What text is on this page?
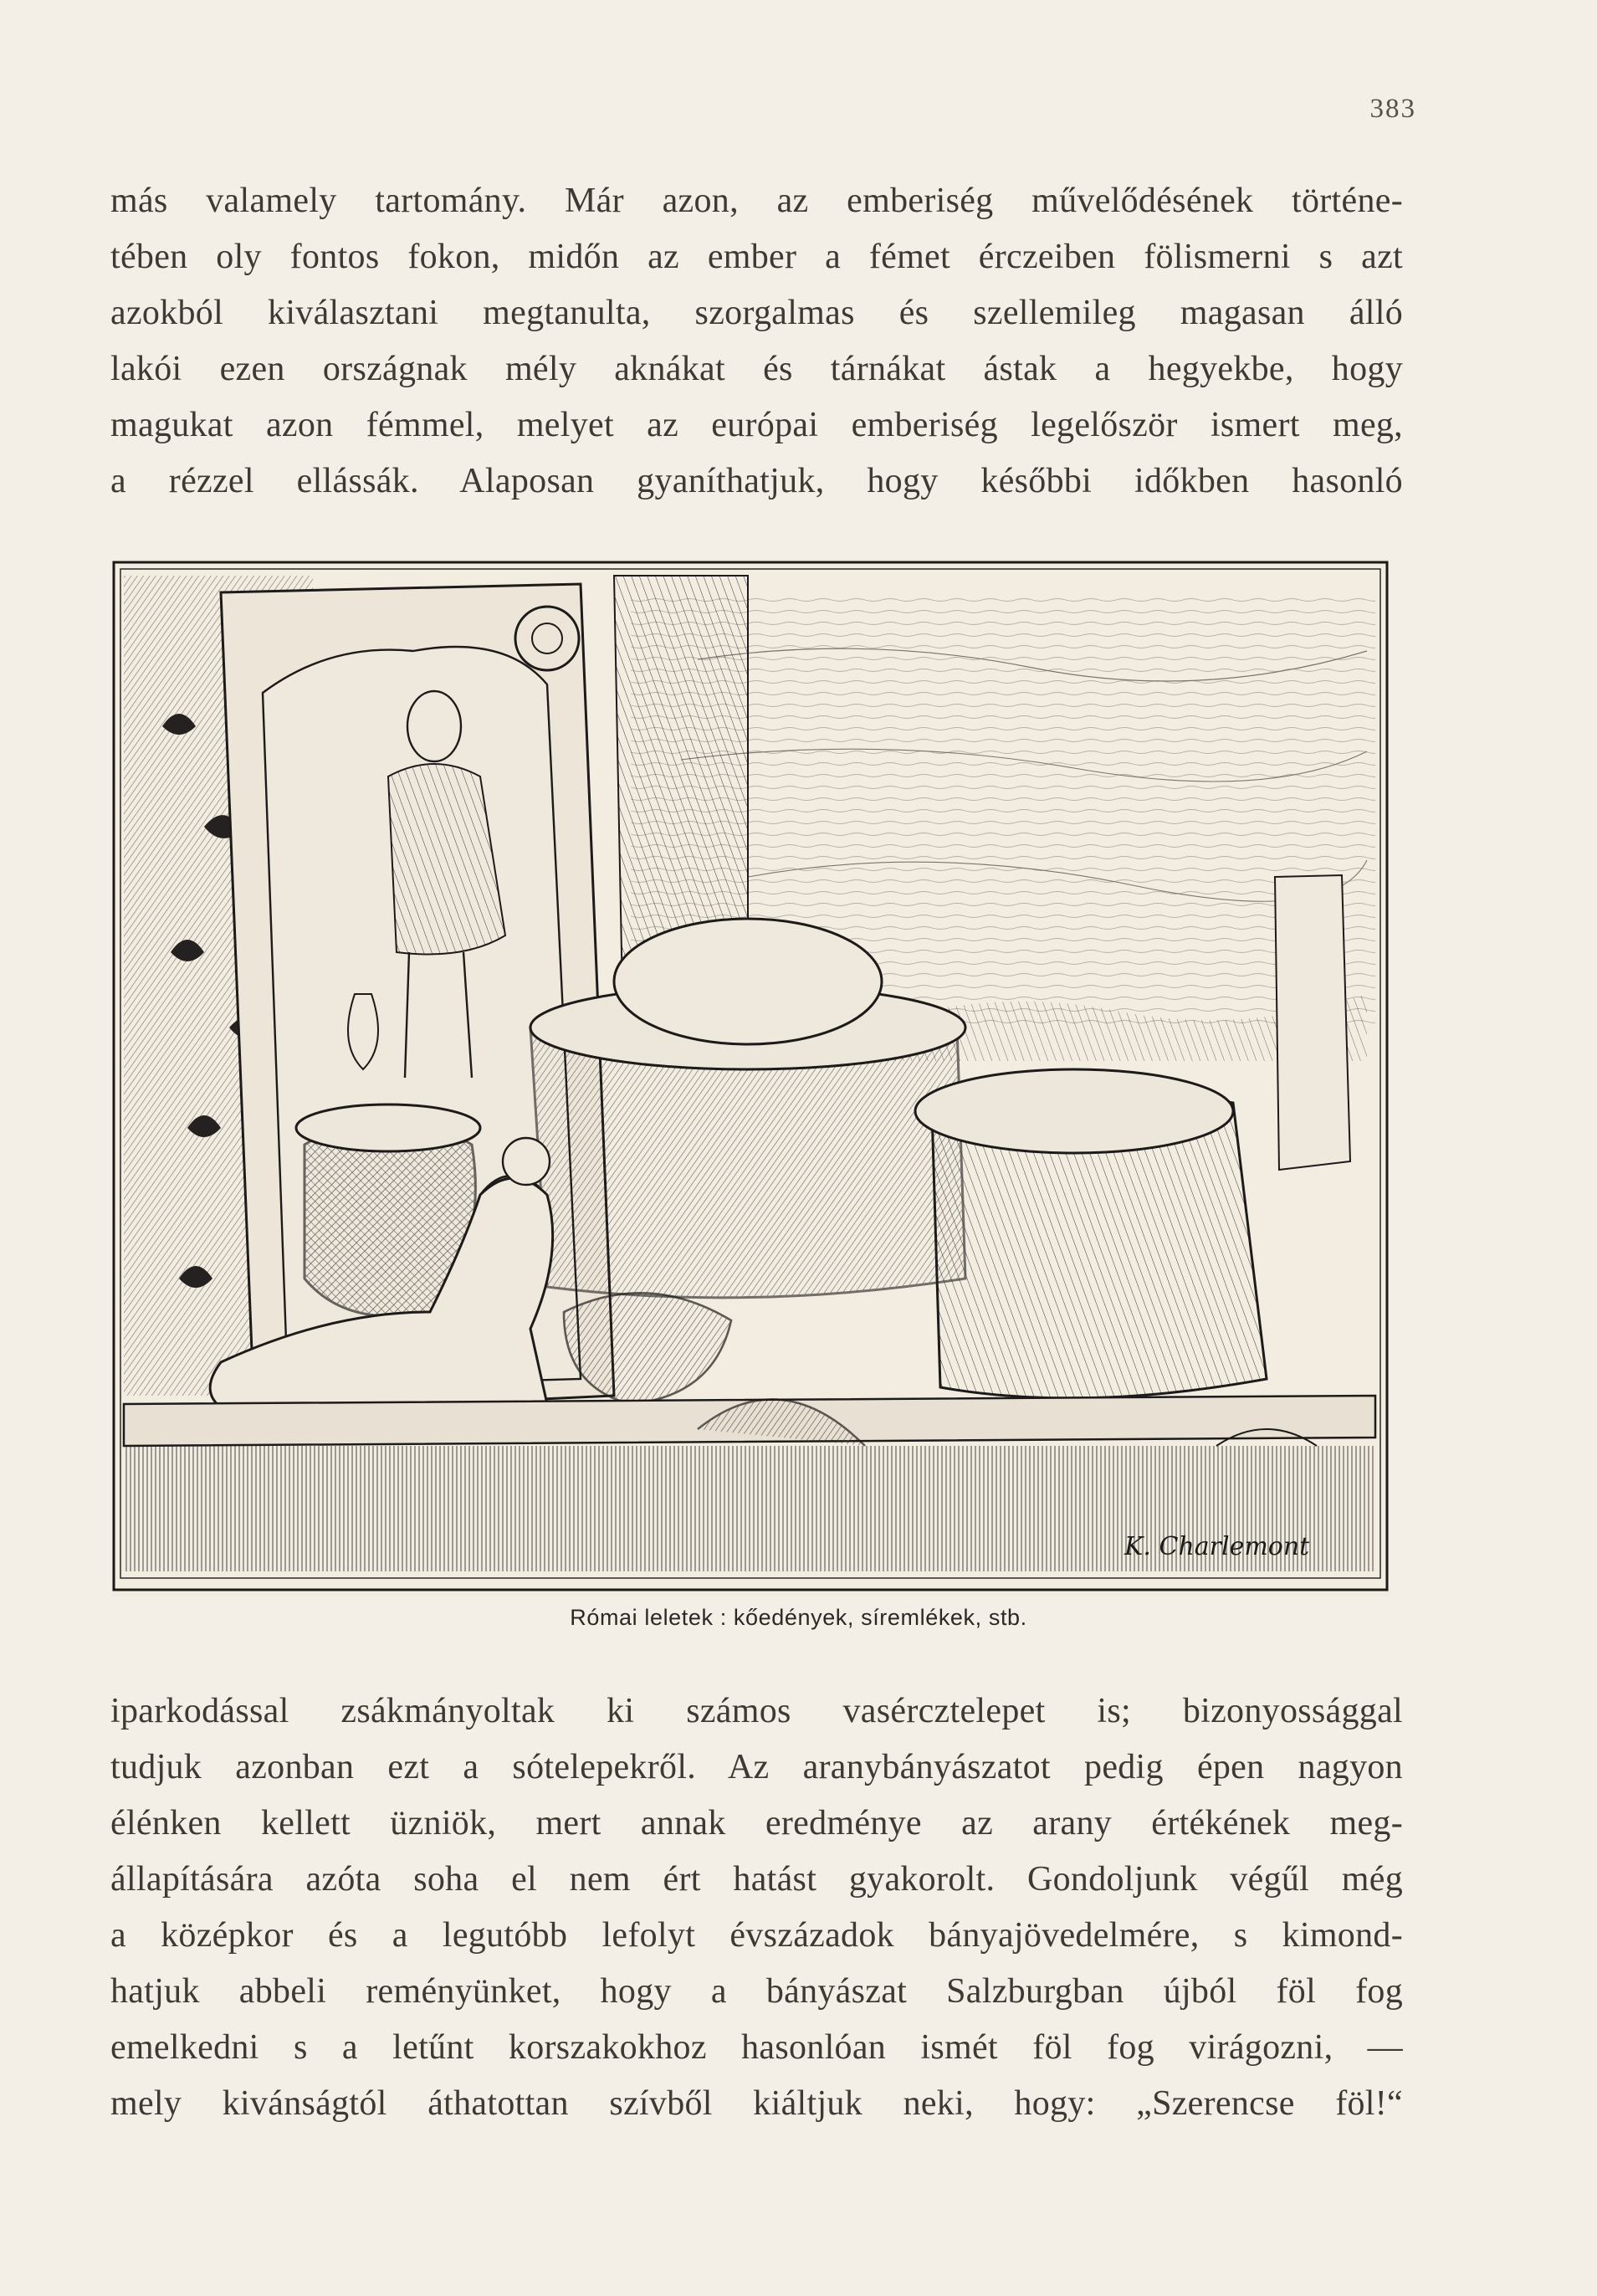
383
más valamely tartomány. Már azon, az emberiség művelődésének történe-
tében oly fontos fokon, midőn az ember a fémet érczeiben fölismerni s azt
azokból kiválasztani megtanulta, szorgalmas és szellemileg magasan álló
lakói ezen országnak mély aknákat és tárnákat ástak a hegyekbe, hogy
magukat azon fémmel, melyet az európai emberiség legelőször ismert meg,
a rézzel ellássák. Alaposan gyaníthatjuk, hogy későbbi időkben hasonló
K. Charlemont
Római leletek : kőedények, síremlékek, stb.
iparkodással zsákmányoltak ki számos vasércztelepet is; bizonyossággal
tudjuk azonban ezt a sótelepekről. Az aranybányászatot pedig épen nagyon
élénken kellett üzniök, mert annak eredménye az arany értékének meg-
állapítására azóta soha el nem ért hatást gyakorolt. Gondoljunk végűl még
a középkor és a legutóbb lefolyt évszázadok bányajövedelmére, s kimond-
hatjuk abbeli reményünket, hogy a bányászat Salzburgban újból föl fog
emelkedni s a letűnt korszakokhoz hasonlóan ismét föl fog virágozni, —
mely kivánságtól áthatottan szívből kiáltjuk neki, hogy: „Szerencse föl!“
